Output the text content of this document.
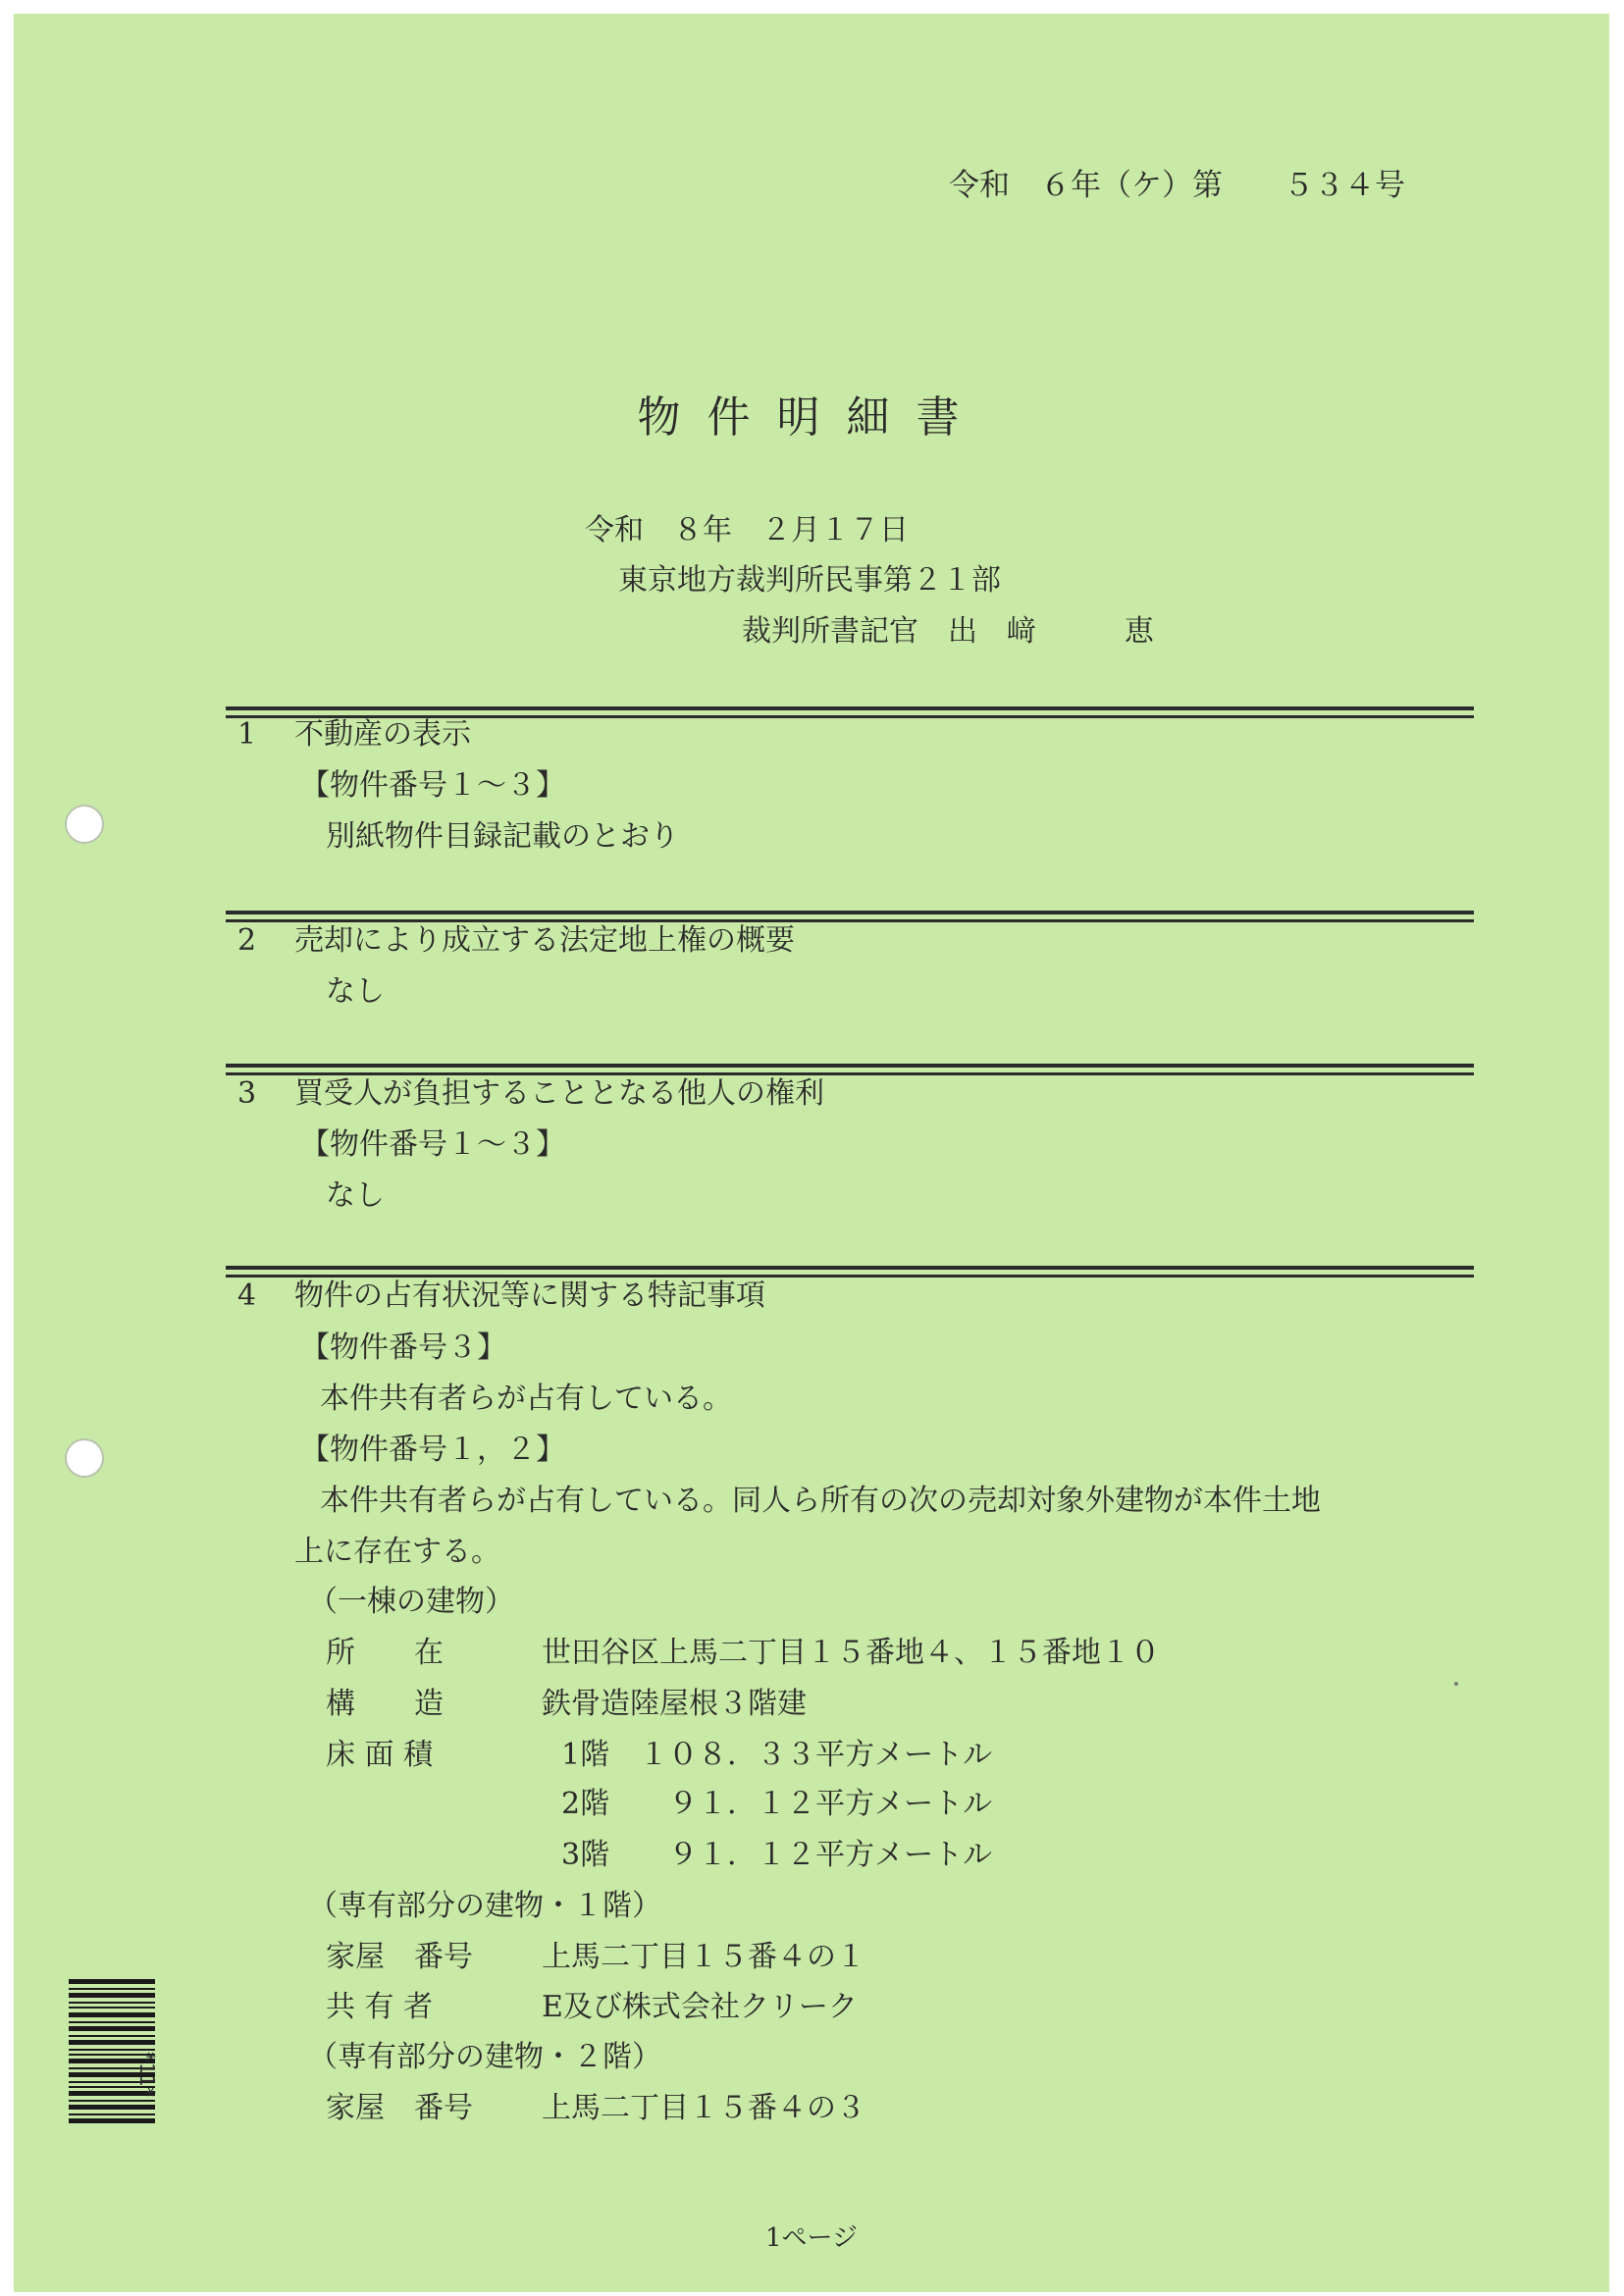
令和　６年（ケ）第　　５３４号
物件明細書
令和　８年　２月１７日
東京地方裁判所民事第２１部
裁判所書記官　出　﨑　　　恵
1 不動産の表示
【物件番号１～３】
別紙物件目録記載のとおり
2 売却により成立する法定地上権の概要
なし
3 買受人が負担することとなる他人の権利
【物件番号１～３】
なし
4 物件の占有状況等に関する特記事項
【物件番号３】
本件共有者らが占有している。
【物件番号１，２】
本件共有者らが占有している。同人ら所有の次の売却対象外建物が本件土地
上に存在する。
（一棟の建物）
所　　在	世田谷区上馬二丁目１５番地４、１５番地１０
構　　造	鉄骨造陸屋根３階建
床 面 積	1階　１０８．３３平方メートル
2階　　９１．１２平方メートル
3階　　９１．１２平方メートル
（専有部分の建物・１階）
家屋　番号 上馬二丁目１５番４の１
共 有 者	E及び株式会社クリーク
（専有部分の建物・２階）
家屋　番号 上馬二丁目１５番４の３
1ページ
*11*
